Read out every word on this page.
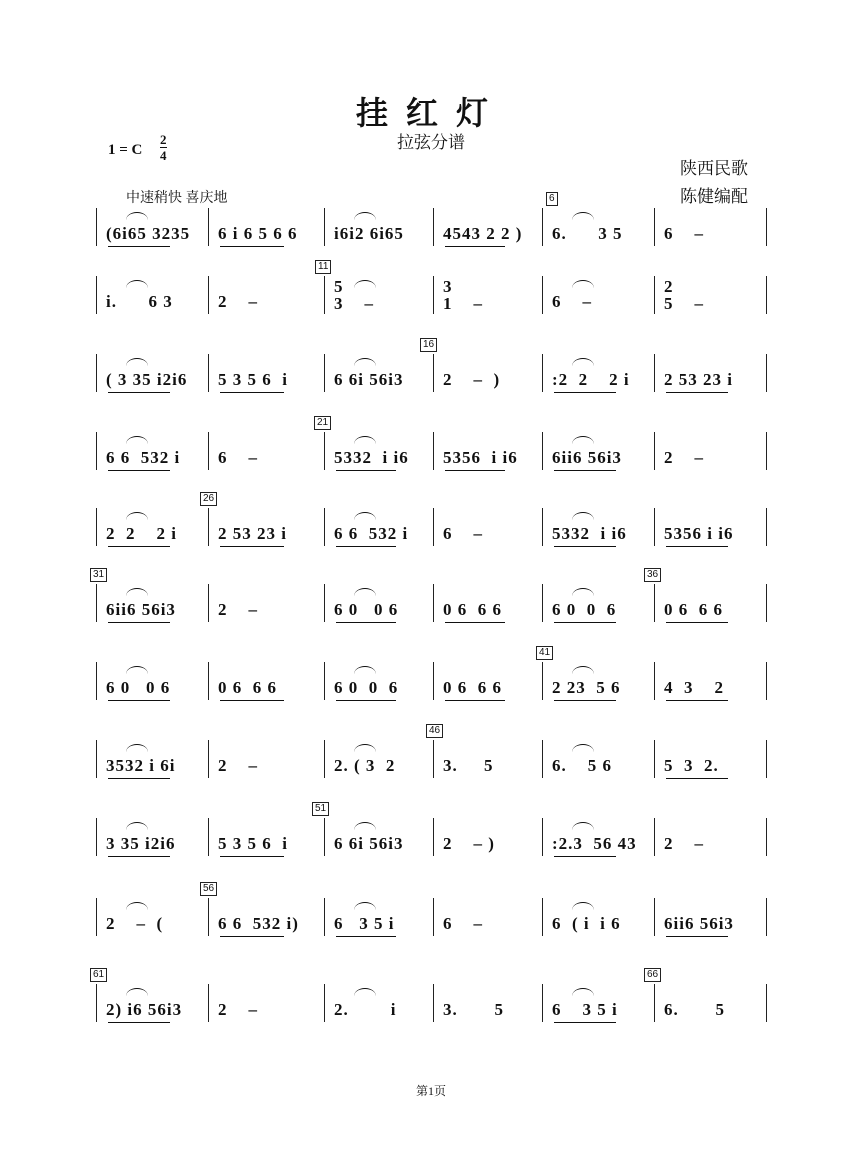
挂红灯
拉弦分谱
1 = C
2
4
陕西民歌
陈健编配
中速稍快 喜庆地
(6i65 3235	6 i 6 5 6 6	i6i2 6i65	4543 2 2 )	6.      3 5	6    –
6
i.      6 3	2    –
5
3    –
3
1    –	6    –
2
5    –
11
( 3 35 i2i6	5 3 5 6  i	6 6i 56i3	2    –  )	:2  2    2 i	2 53 23 i
16
6 6  532 i	6    –	5332  i i6	5356  i i6	6ii6 56i3	2    –
21
2  2    2 i	2 53 23 i	6 6  532 i	6    –	5332  i i6	5356 i i6
26
6ii6 56i3	2    –	6 0   0 6	0 6  6 6	6 0  0  6	0 6  6 6
31	36
6 0   0 6	0 6  6 6	6 0  0  6	0 6  6 6	2 23  5 6	4  3    2
41
3532 i 6i	2    –	2. ( 3  2	3.     5	6.    5 6	5  3  2.
46
3 35 i2i6	5 3 5 6  i	6 6i 56i3	2    – )	:2.3  56 43	2    –
51
2    –  (	6 6  532 i)	6   3 5 i	6    –	6  ( i  i 6	6ii6 56i3
56
2) i6 56i3	2    –	2.        i	3.       5	6    3 5 i	6.       5
61	66
第1页
